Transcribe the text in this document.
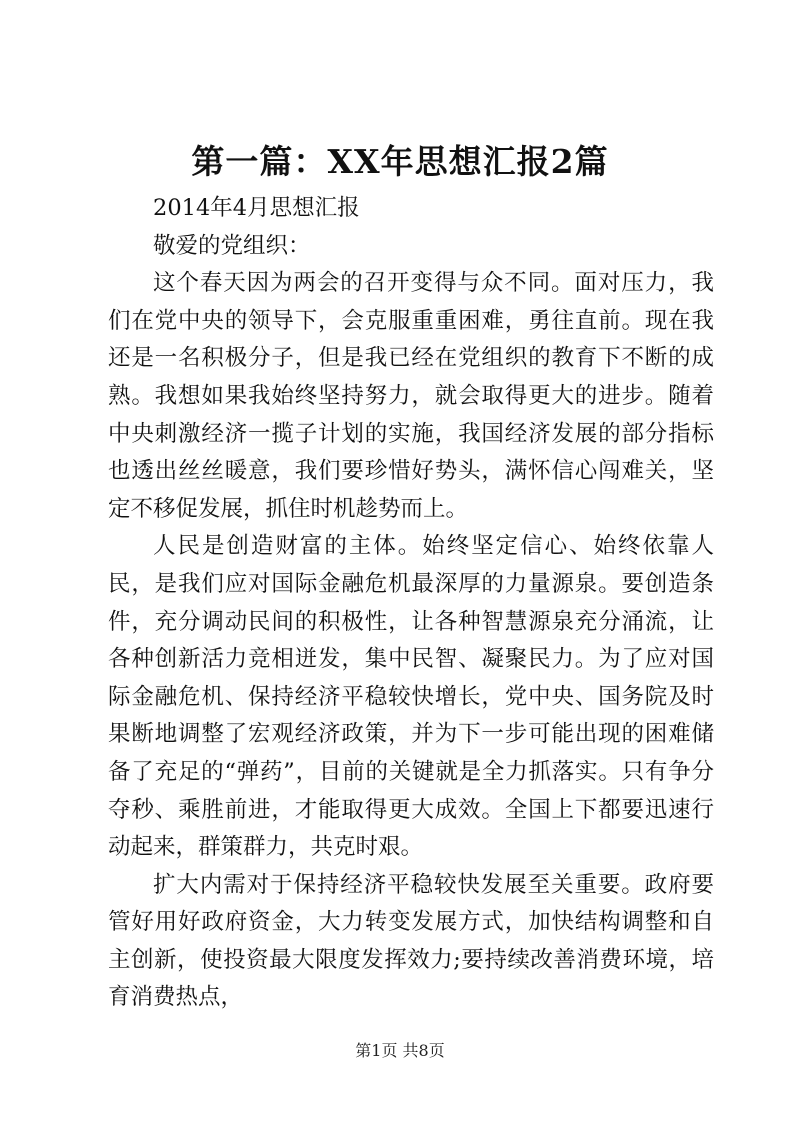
第一篇：XX年思想汇报2篇

2014年4月思想汇报

敬爱的党组织：

这个春天因为两会的召开变得与众不同。面对压力，我们在党中央的领导下，会克服重重困难，勇往直前。现在我还是一名积极分子，但是我已经在党组织的教育下不断的成熟。我想如果我始终坚持努力，就会取得更大的进步。随着中央刺激经济一揽子计划的实施，我国经济发展的部分指标也透出丝丝暖意，我们要珍惜好势头，满怀信心闯难关，坚定不移促发展，抓住时机趁势而上。

人民是创造财富的主体。始终坚定信心、始终依靠人民，是我们应对国际金融危机最深厚的力量源泉。要创造条件，充分调动民间的积极性，让各种智慧源泉充分涌流，让各种创新活力竞相迸发，集中民智、凝聚民力。为了应对国际金融危机、保持经济平稳较快增长，党中央、国务院及时果断地调整了宏观经济政策，并为下一步可能出现的困难储备了充足的“弹药”，目前的关键就是全力抓落实。只有争分夺秒、乘胜前进，才能取得更大成效。全国上下都要迅速行动起来，群策群力，共克时艰。

扩大内需对于保持经济平稳较快发展至关重要。政府要管好用好政府资金，大力转变发展方式，加快结构调整和自主创新，使投资最大限度发挥效力;要持续改善消费环境，培育消费热点，

第1页 共8页
